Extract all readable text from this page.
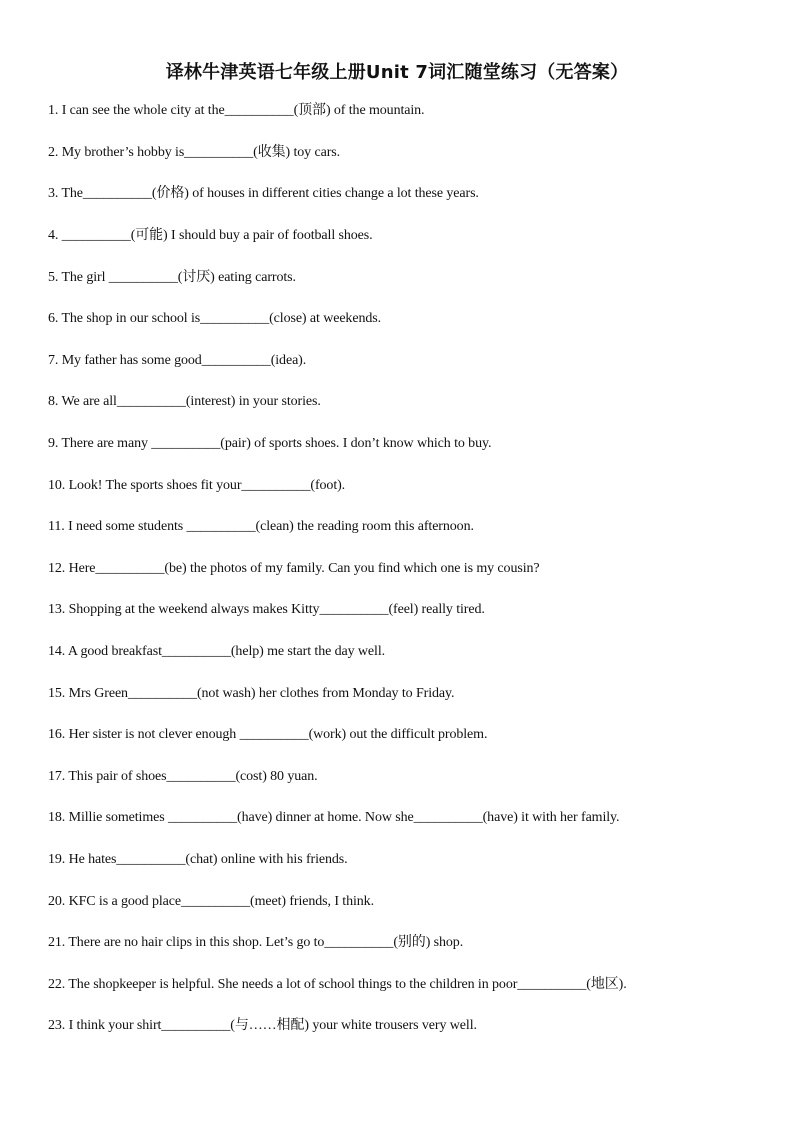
译林牛津英语七年级上册Unit 7词汇随堂练习（无答案）
1. I can see the whole city at the__________(顶部) of the mountain.
2. My brother’s hobby is__________(收集) toy cars.
3. The__________(价格) of houses in different cities change a lot these years.
4. __________(可能) I should buy a pair of football shoes.
5. The girl __________(讨厌) eating carrots.
6. The shop in our school is__________(close) at weekends.
7. My father has some good__________(idea).
8. We are all__________(interest) in your stories.
9. There are many __________(pair) of sports shoes. I don’t know which to buy.
10. Look! The sports shoes fit your__________(foot).
11. I need some students __________(clean) the reading room this afternoon.
12. Here__________(be) the photos of my family. Can you find which one is my cousin?
13. Shopping at the weekend always makes Kitty__________(feel) really tired.
14. A good breakfast__________(help) me start the day well.
15. Mrs Green__________(not wash) her clothes from Monday to Friday.
16. Her sister is not clever enough __________(work) out the difficult problem.
17. This pair of shoes__________(cost) 80 yuan.
18. Millie sometimes __________(have) dinner at home. Now she__________(have) it with her family.
19. He hates__________(chat) online with his friends.
20. KFC is a good place__________(meet) friends, I think.
21. There are no hair clips in this shop. Let’s go to__________(别的) shop.
22. The shopkeeper is helpful. She needs a lot of school things to the children in poor__________(地区).
23. I think your shirt__________(与……相配) your white trousers very well.
